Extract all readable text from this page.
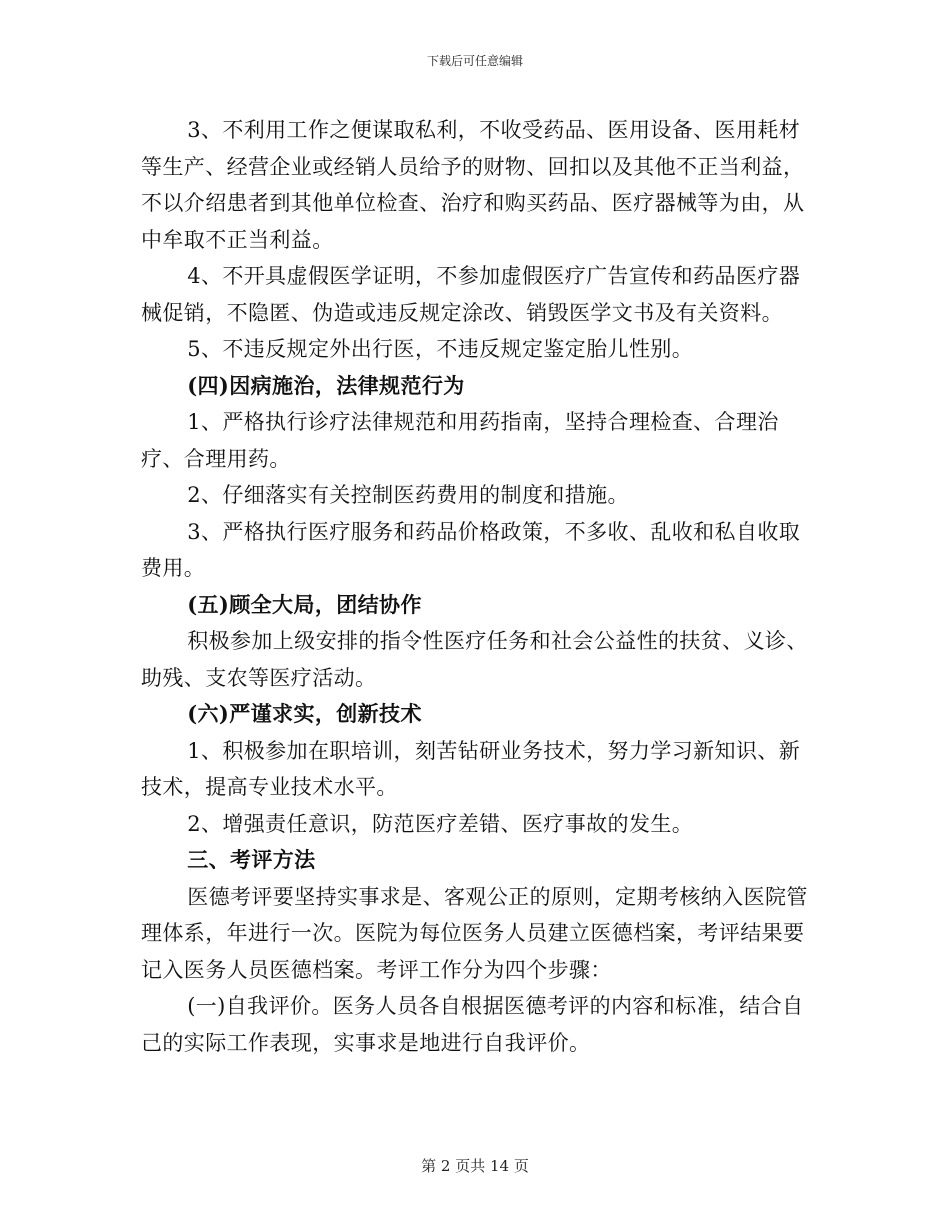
下载后可任意编辑

3、不利用工作之便谋取私利，不收受药品、医用设备、医用耗材等生产、经营企业或经销人员给予的财物、回扣以及其他不正当利益，不以介绍患者到其他单位检查、治疗和购买药品、医疗器械等为由，从中牟取不正当利益。

4、不开具虚假医学证明，不参加虚假医疗广告宣传和药品医疗器械促销，不隐匿、伪造或违反规定涂改、销毁医学文书及有关资料。

5、不违反规定外出行医，不违反规定鉴定胎儿性别。

(四)因病施治，法律规范行为

1、严格执行诊疗法律规范和用药指南，坚持合理检查、合理治疗、合理用药。

2、仔细落实有关控制医药费用的制度和措施。

3、严格执行医疗服务和药品价格政策，不多收、乱收和私自收取费用。

(五)顾全大局，团结协作

积极参加上级安排的指令性医疗任务和社会公益性的扶贫、义诊、助残、支农等医疗活动。

(六)严谨求实，创新技术

1、积极参加在职培训，刻苦钻研业务技术，努力学习新知识、新技术，提高专业技术水平。

2、增强责任意识，防范医疗差错、医疗事故的发生。

三、考评方法

医德考评要坚持实事求是、客观公正的原则，定期考核纳入医院管理体系，年进行一次。医院为每位医务人员建立医德档案，考评结果要记入医务人员医德档案。考评工作分为四个步骤：

(一)自我评价。医务人员各自根据医德考评的内容和标准，结合自己的实际工作表现，实事求是地进行自我评价。

第 2 页共 14 页
